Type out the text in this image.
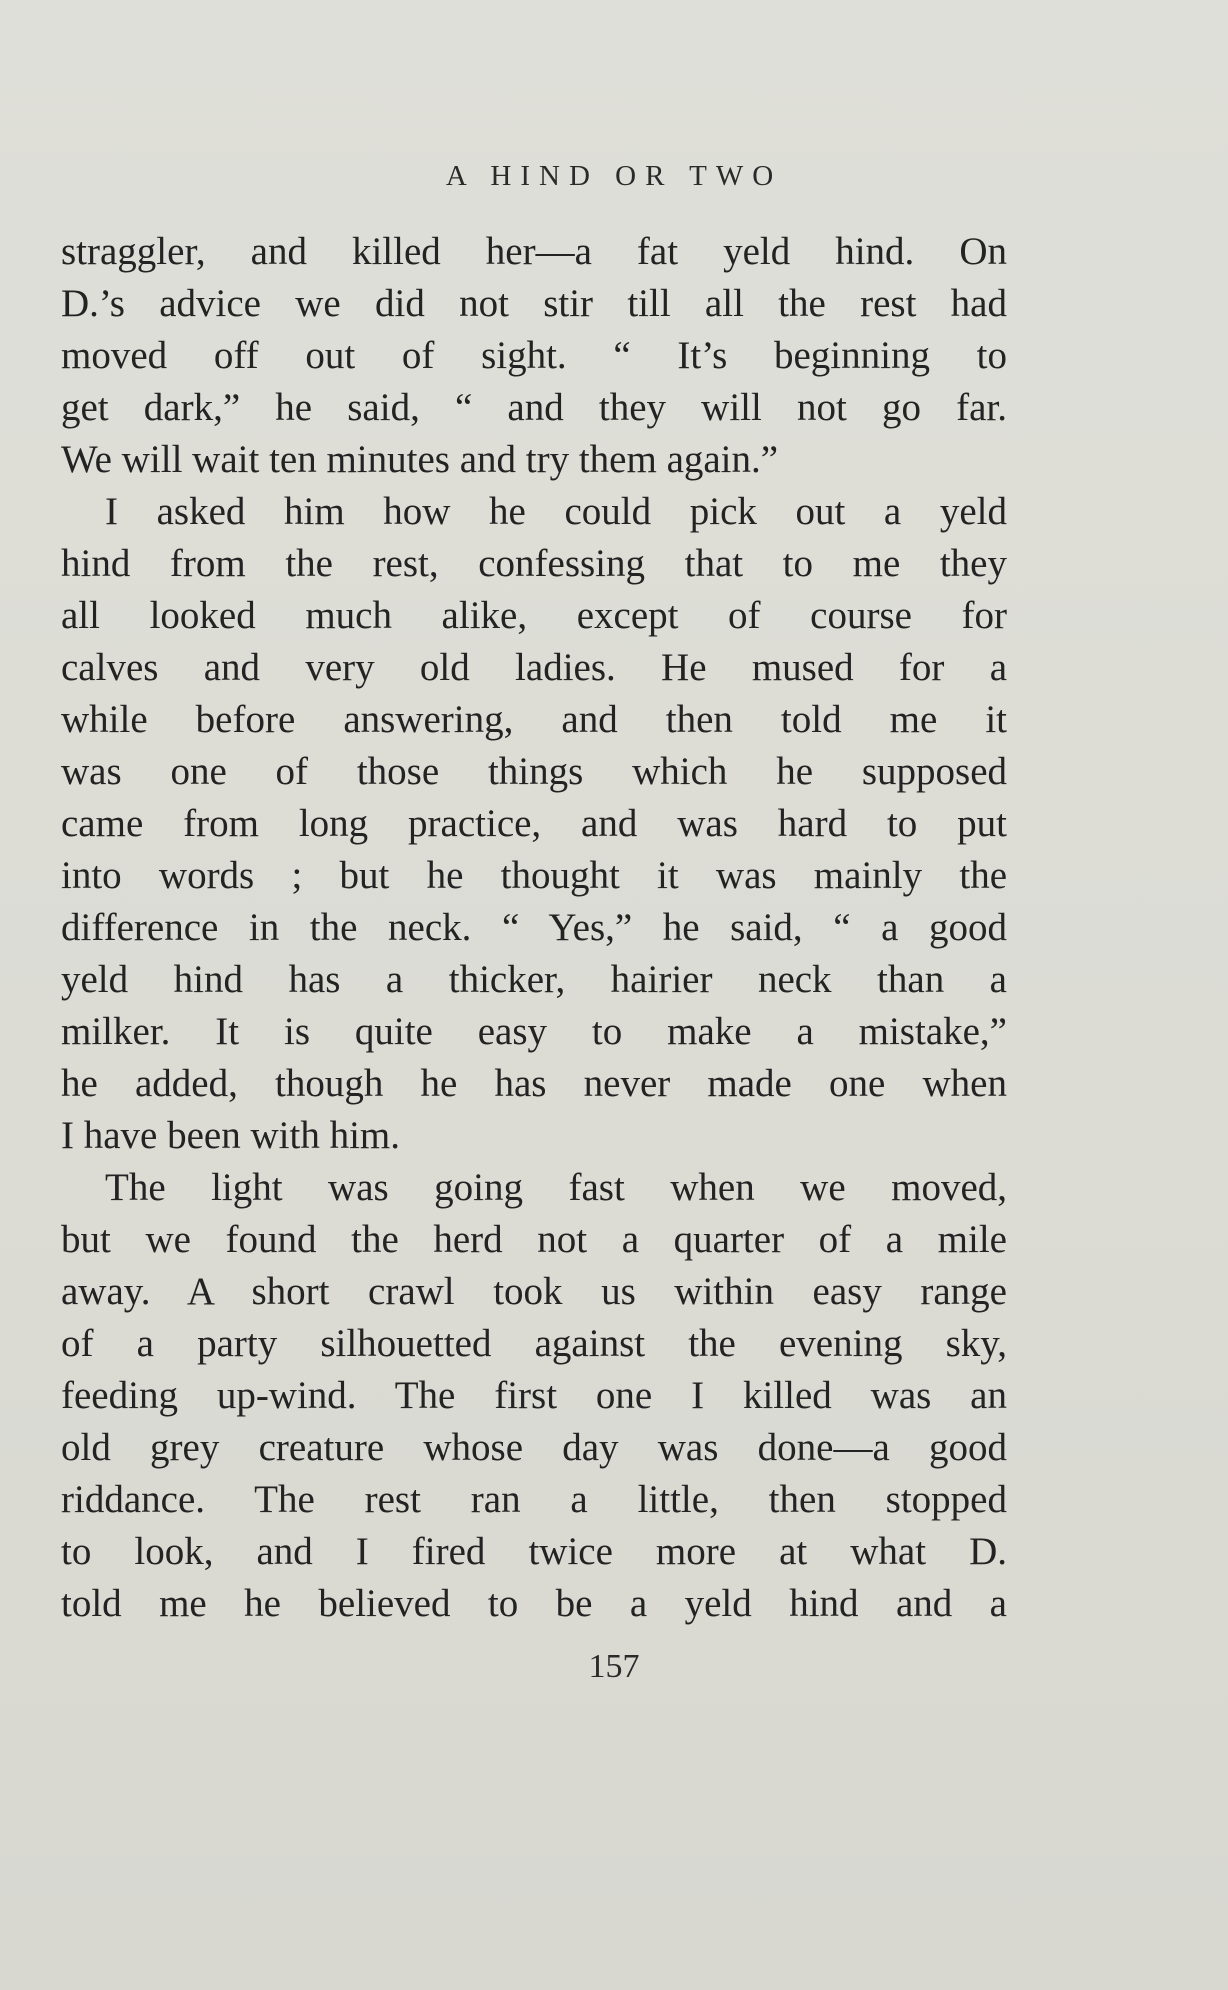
A HIND OR TWO
straggler, and killed her—a fat yeld hind. On
D.’s advice we did not stir till all the rest had
moved off out of sight. “ It’s beginning to
get dark,” he said, “ and they will not go far.
We will wait ten minutes and try them again.”
I asked him how he could pick out a yeld
hind from the rest, confessing that to me they
all looked much alike, except of course for
calves and very old ladies. He mused for a
while before answering, and then told me it
was one of those things which he supposed
came from long practice, and was hard to put
into words ; but he thought it was mainly the
difference in the neck. “ Yes,” he said, “ a good
yeld hind has a thicker, hairier neck than a
milker. It is quite easy to make a mistake,”
he added, though he has never made one when
I have been with him.
The light was going fast when we moved,
but we found the herd not a quarter of a mile
away. A short crawl took us within easy range
of a party silhouetted against the evening sky,
feeding up-wind. The first one I killed was an
old grey creature whose day was done—a good
riddance. The rest ran a little, then stopped
to look, and I fired twice more at what D.
told me he believed to be a yeld hind and a
157
